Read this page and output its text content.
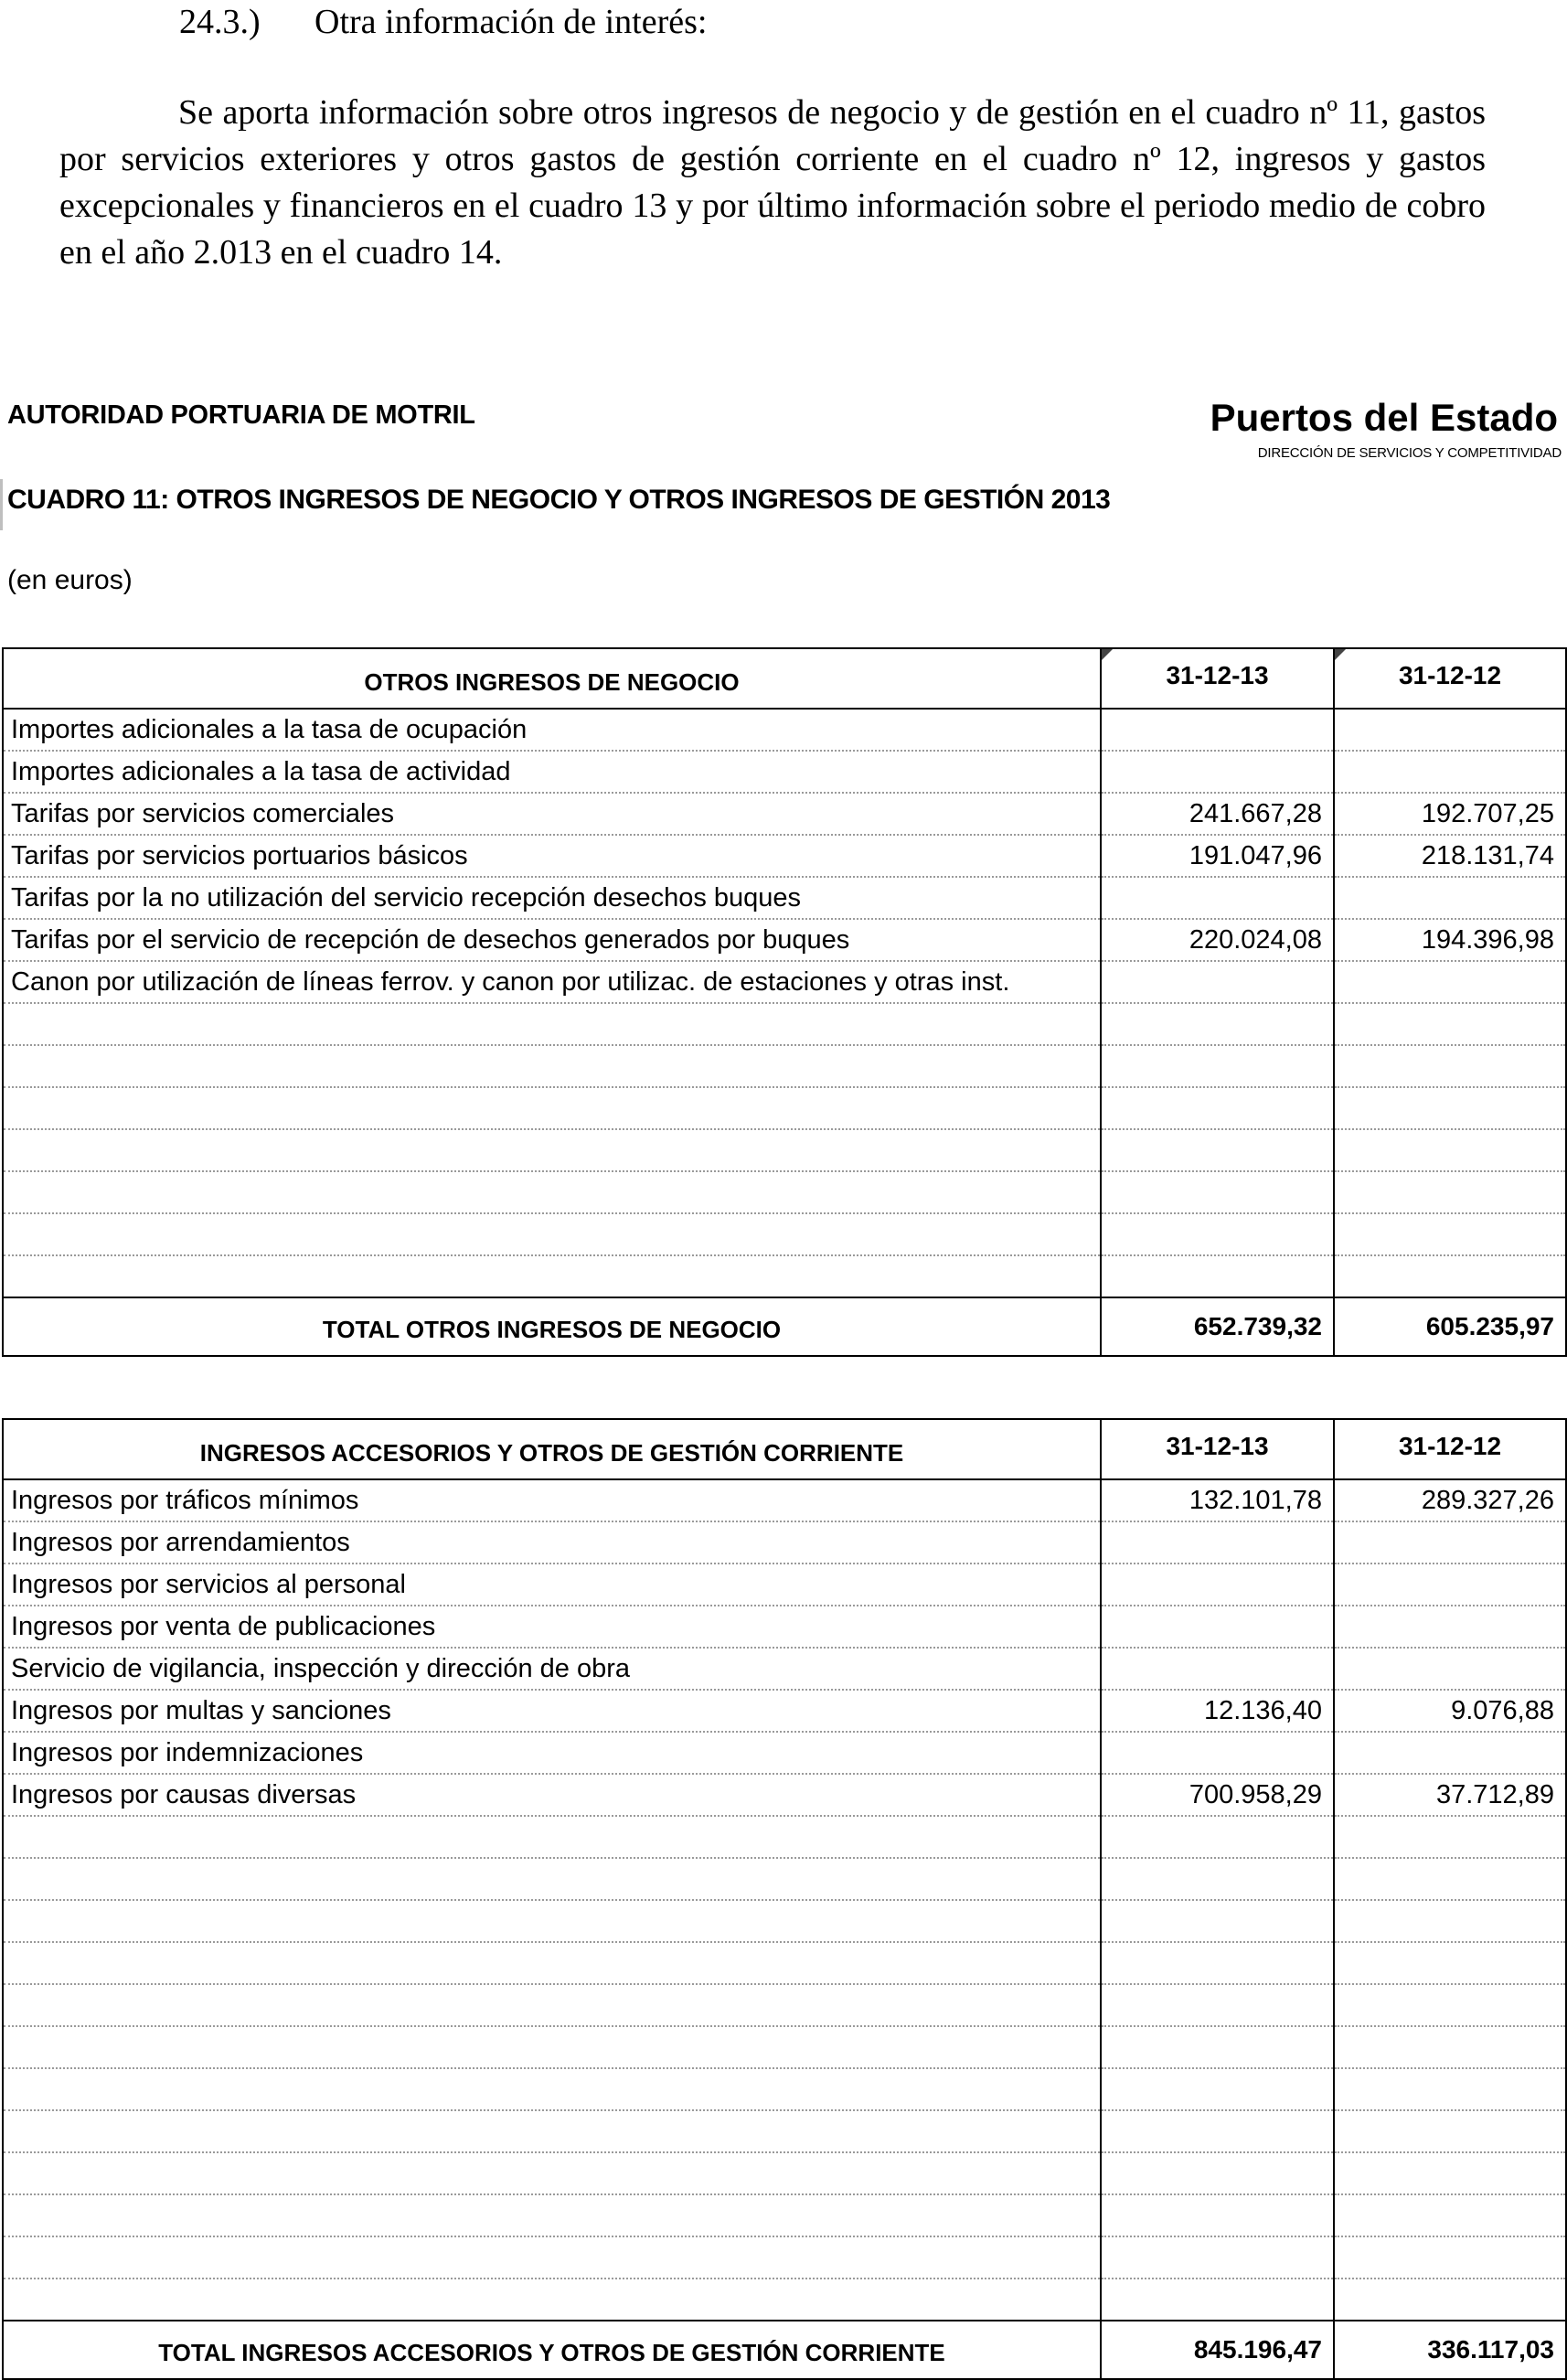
24.3.) Otra información de interés:

Se aporta información sobre otros ingresos de negocio y de gestión en el cuadro nº 11, gastos por servicios exteriores y otros gastos de gestión corriente en el cuadro nº 12, ingresos y gastos excepcionales y financieros en el cuadro 13 y por último información sobre el periodo medio de cobro en el año 2.013 en el cuadro 14.

AUTORIDAD PORTUARIA DE MOTRIL	Puertos del Estado
DIRECCIÓN DE SERVICIOS Y COMPETITIVIDAD
CUADRO 11: OTROS INGRESOS DE NEGOCIO Y OTROS INGRESOS DE GESTIÓN 2013
(en euros)
OTROS INGRESOS DE NEGOCIO	31-12-13	31-12-12
Importes adicionales a la tasa de ocupación		
Importes adicionales a la tasa de actividad		
Tarifas por servicios comerciales	241.667,28	192.707,25
Tarifas por servicios portuarios básicos	191.047,96	218.131,74
Tarifas por la no utilización del servicio recepción desechos buques		
Tarifas por el servicio de recepción de desechos generados por buques	220.024,08	194.396,98
Canon por utilización de líneas ferrov. y canon por utilizac. de estaciones y otras inst.		

TOTAL OTROS INGRESOS DE NEGOCIO	652.739,32	605.235,97
INGRESOS ACCESORIOS Y OTROS DE GESTIÓN CORRIENTE	31-12-13	31-12-12
Ingresos por tráficos mínimos	132.101,78	289.327,26
Ingresos por arrendamientos		
Ingresos por servicios al personal		
Ingresos por venta de publicaciones		
Servicio de vigilancia, inspección y dirección de obra		
Ingresos por multas y sanciones	12.136,40	9.076,88
Ingresos por indemnizaciones		
Ingresos por causas diversas	700.958,29	37.712,89

TOTAL INGRESOS ACCESORIOS Y OTROS DE GESTIÓN CORRIENTE	845.196,47	336.117,03
